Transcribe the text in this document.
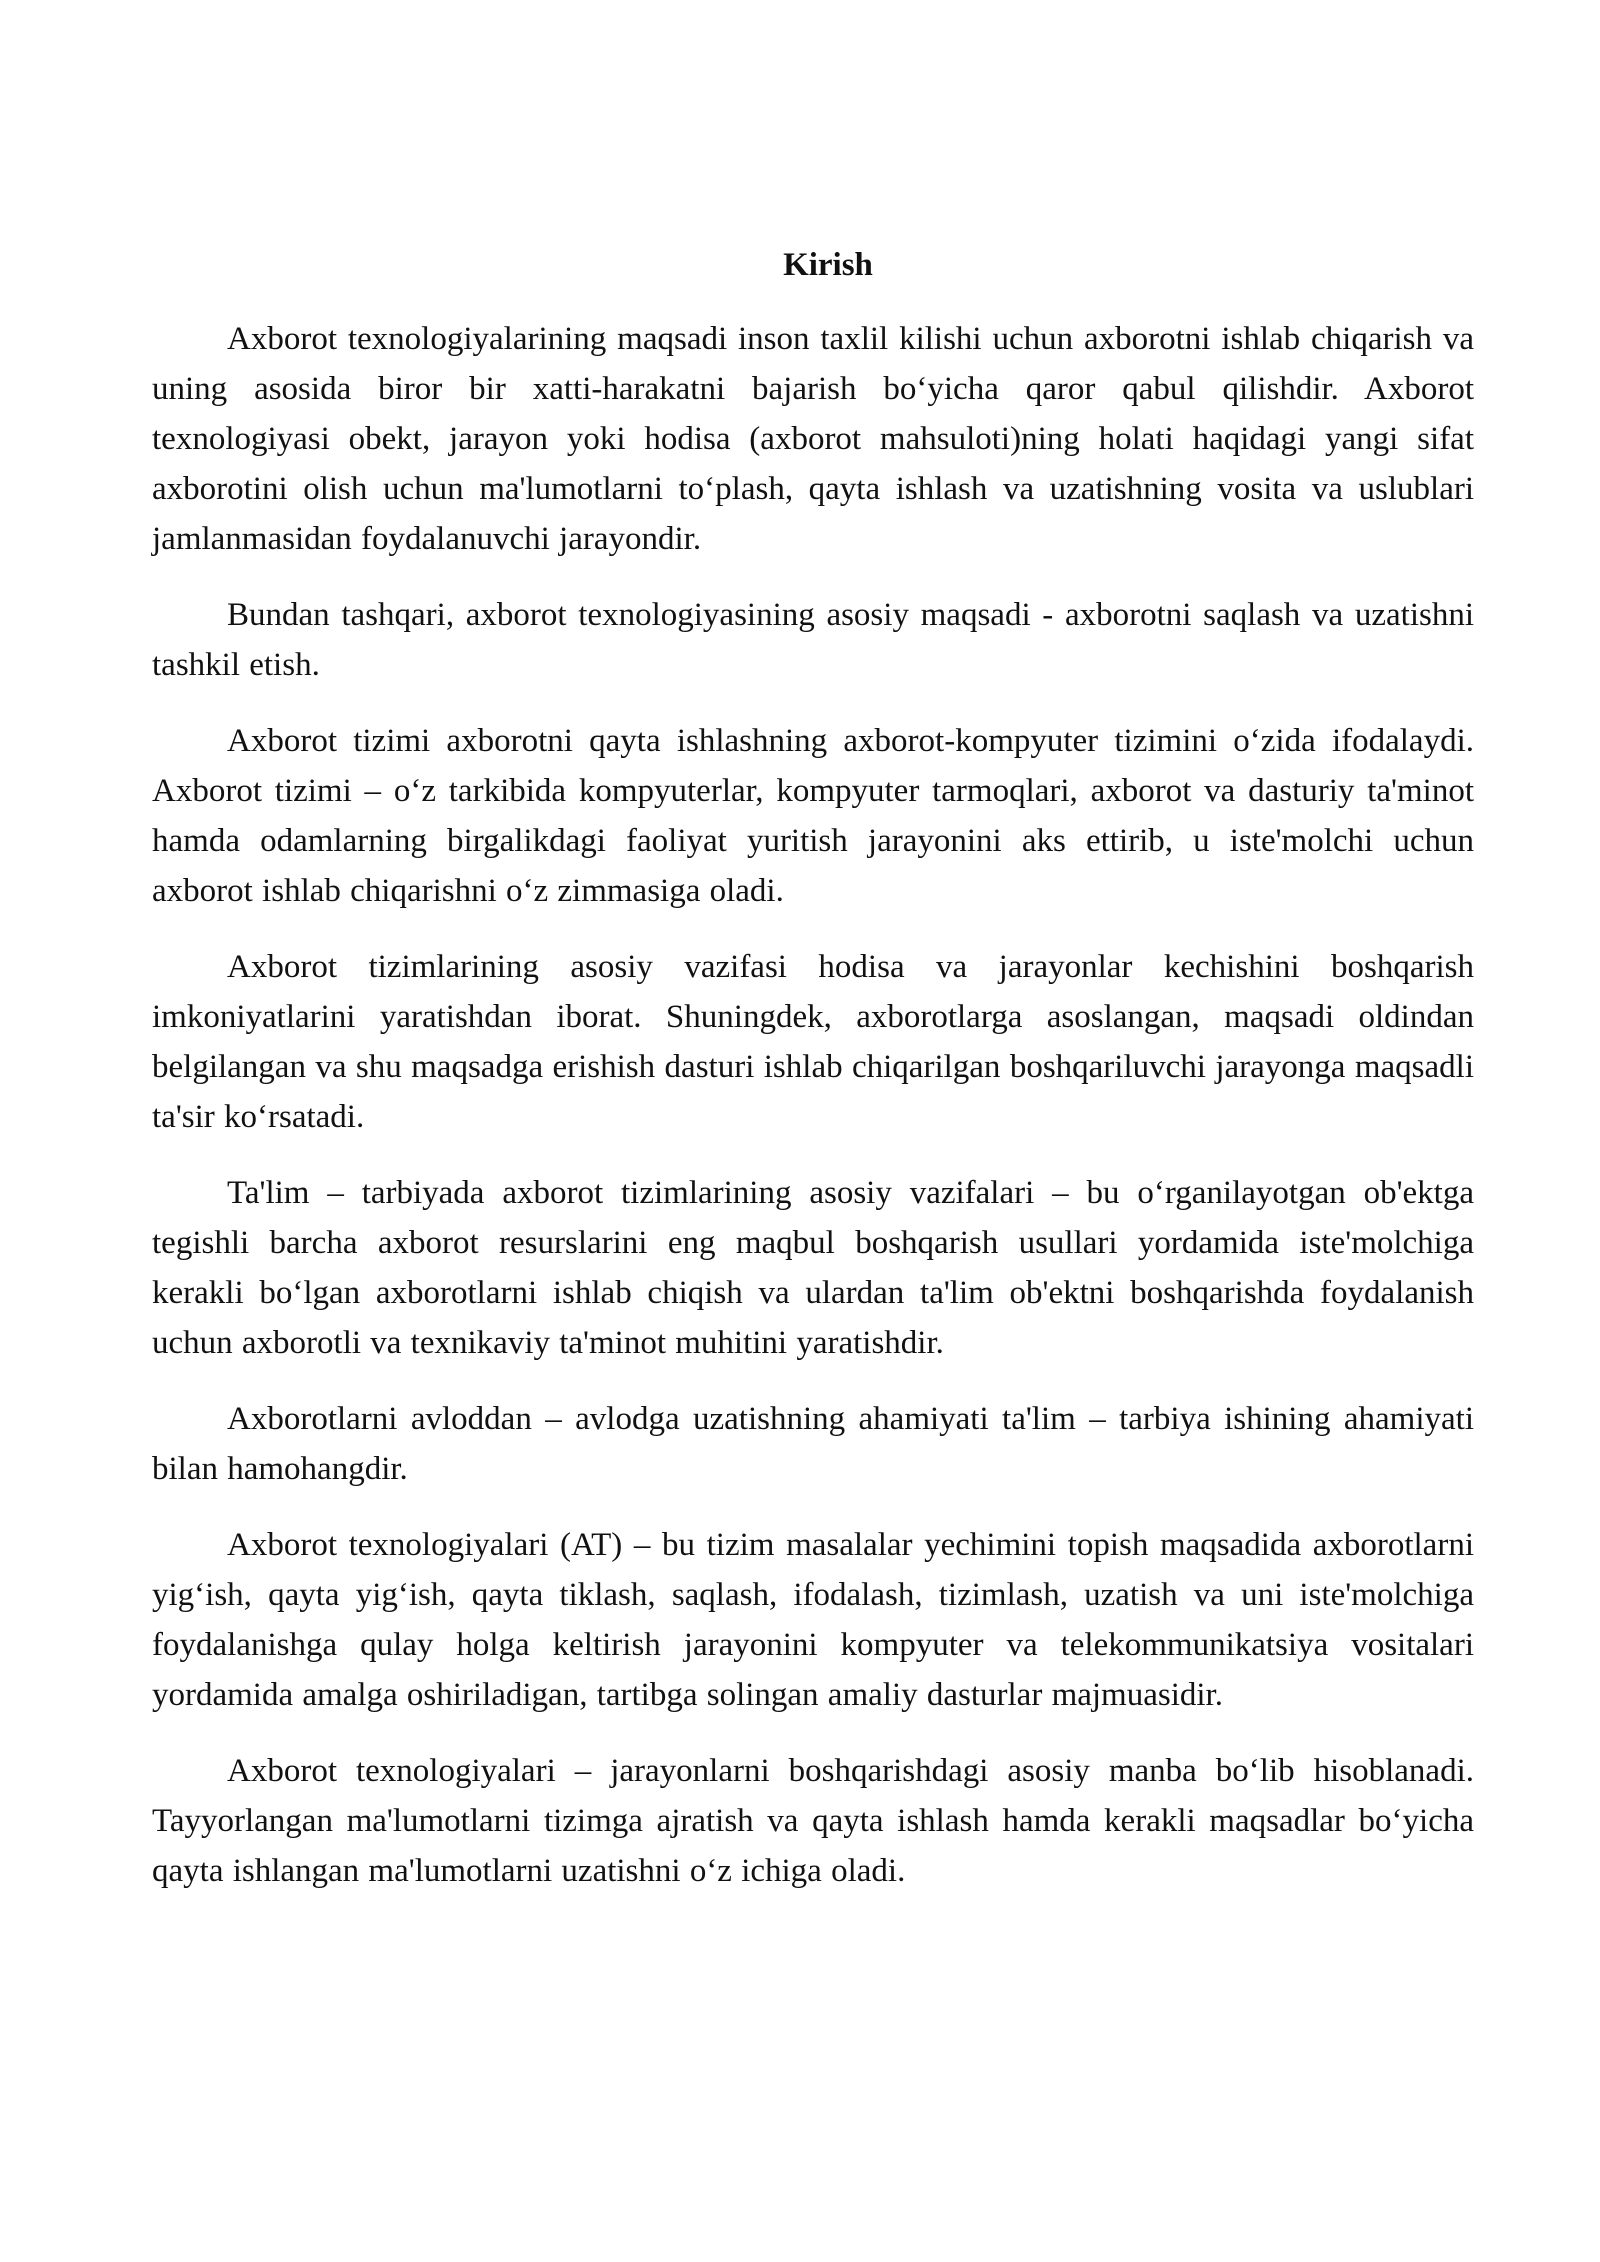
Kirish

Axborot texnologiyalarining maqsadi inson taxlil kilishi uchun axborotni ishlab chiqarish va uning asosida biror bir xatti-harakatni bajarish bo‘yicha qaror qabul qilishdir. Axborot texnologiyasi obekt, jarayon yoki hodisa (axborot mahsuloti)ning holati haqidagi yangi sifat axborotini olish uchun ma'lumotlarni to‘plash, qayta ishlash va uzatishning vosita va uslublari jamlanmasidan foydalanuvchi jarayondir.

Bundan tashqari, axborot texnologiyasining asosiy maqsadi - axborotni saqlash va uzatishni tashkil etish.

Axborot tizimi axborotni qayta ishlashning axborot-kompyuter tizimini o‘zida ifodalaydi. Axborot tizimi – o‘z tarkibida kompyuterlar, kompyuter tarmoqlari, axborot va dasturiy ta'minot hamda odamlarning birgalikdagi faoliyat yuritish jarayonini aks ettirib, u iste'molchi uchun axborot ishlab chiqarishni o‘z zimmasiga oladi.

Axborot tizimlarining asosiy vazifasi hodisa va jarayonlar kechishini boshqarish imkoniyatlarini yaratishdan iborat. Shuningdek, axborotlarga asoslangan, maqsadi oldindan belgilangan va shu maqsadga erishish dasturi ishlab chiqarilgan boshqariluvchi jarayonga maqsadli ta'sir ko‘rsatadi.

Ta'lim – tarbiyada axborot tizimlarining asosiy vazifalari – bu o‘rganilayotgan ob'ektga tegishli barcha axborot resurslarini eng maqbul boshqarish usullari yordamida iste'molchiga kerakli bo‘lgan axborotlarni ishlab chiqish va ulardan ta'lim ob'ektni boshqarishda foydalanish uchun axborotli va texnikaviy ta'minot muhitini yaratishdir.

Axborotlarni avloddan – avlodga uzatishning ahamiyati ta'lim – tarbiya ishining ahamiyati bilan hamohangdir.

Axborot texnologiyalari (AT) – bu tizim masalalar yechimini topish maqsadida axborotlarni yig‘ish, qayta yig‘ish, qayta tiklash, saqlash, ifodalash, tizimlash, uzatish va uni iste'molchiga foydalanishga qulay holga keltirish jarayonini kompyuter va telekommunikatsiya vositalari yordamida amalga oshiriladigan, tartibga solingan amaliy dasturlar majmuasidir.

Axborot texnologiyalari – jarayonlarni boshqarishdagi asosiy manba bo‘lib hisoblanadi. Tayyorlangan ma'lumotlarni tizimga ajratish va qayta ishlash hamda kerakli maqsadlar bo‘yicha qayta ishlangan ma'lumotlarni uzatishni o‘z ichiga oladi.
